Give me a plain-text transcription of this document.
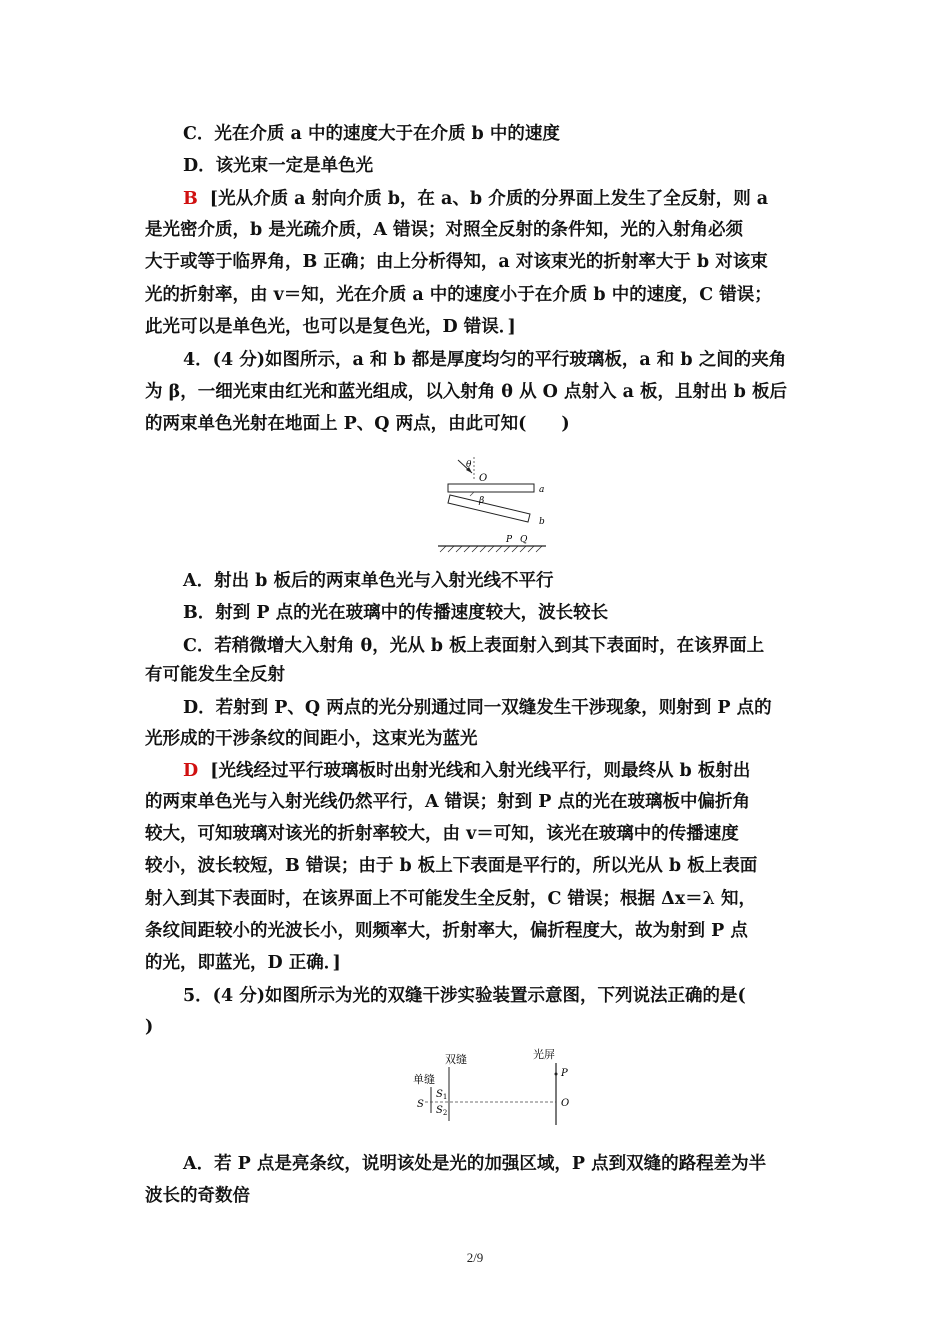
C．光在介质 a 中的速度大于在介质 b 中的速度
D．该光束一定是单色光
B [光从介质 a 射向介质 b，在 a、b 介质的分界面上发生了全反射，则 a
是光密介质，b 是光疏介质，A 错误；对照全反射的条件知，光的入射角必须
大于或等于临界角，B 正确；由上分析得知，a 对该束光的折射率大于 b 对该束
光的折射率，由 v＝知，光在介质 a 中的速度小于在介质 b 中的速度，C 错误；
此光可以是单色光，也可以是复色光，D 错误．]
4．(4 分)如图所示，a 和 b 都是厚度均匀的平行玻璃板，a 和 b 之间的夹角
为 β，一细光束由红光和蓝光组成，以入射角 θ 从 O 点射入 a 板，且射出 b 板后
的两束单色光射在地面上 P、Q 两点，由此可知(　　)
θ
O
a
b
β
P Q
A．射出 b 板后的两束单色光与入射光线不平行
B．射到 P 点的光在玻璃中的传播速度较大，波长较长
C．若稍微增大入射角 θ，光从 b 板上表面射入到其下表面时，在该界面上
有可能发生全反射
D．若射到 P、Q 两点的光分别通过同一双缝发生干涉现象，则射到 P 点的
光形成的干涉条纹的间距小，这束光为蓝光
D [光线经过平行玻璃板时出射光线和入射光线平行，则最终从 b 板射出
的两束单色光与入射光线仍然平行，A 错误；射到 P 点的光在玻璃板中偏折角
较大，可知玻璃对该光的折射率较大，由 v＝可知，该光在玻璃中的传播速度
较小，波长较短，B 错误；由于 b 板上下表面是平行的，所以光从 b 板上表面
射入到其下表面时，在该界面上不可能发生全反射，C 错误；根据 Δx＝λ 知，
条纹间距较小的光波长小，则频率大，折射率大，偏折程度大，故为射到 P 点
的光，即蓝光，D 正确．]
5．(4 分)如图所示为光的双缝干涉实验装置示意图，下列说法正确的是(
)
双缝	光屏
单缝
S
$S_1$
$S_2$
P
O
A．若 P 点是亮条纹，说明该处是光的加强区域，P 点到双缝的路程差为半
波长的奇数倍
2/9
